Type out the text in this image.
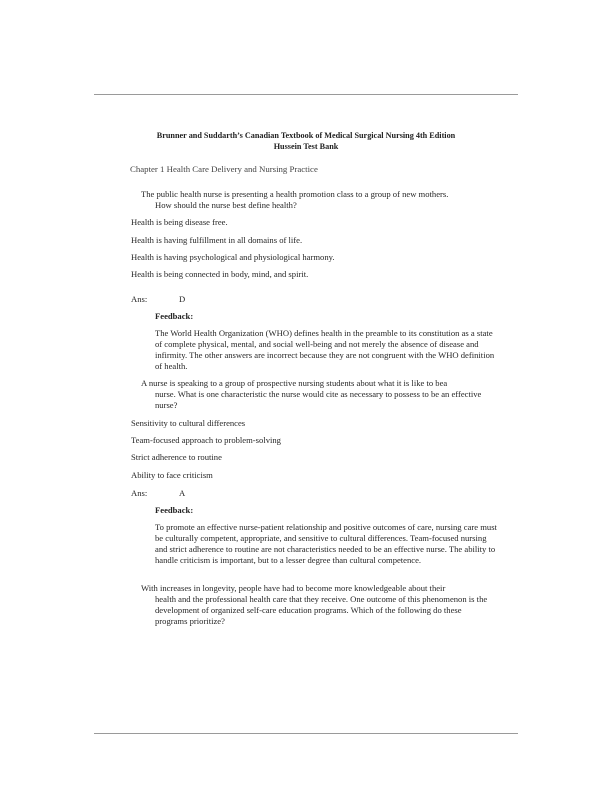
Brunner and Suddarth’s Canadian Textbook of Medical Surgical Nursing 4th Edition
Hussein Test Bank
Chapter 1 Health Care Delivery and Nursing Practice
The public health nurse is presenting a health promotion class to a group of new mothers.
How should the nurse best define health?
Health is being disease free.
Health is having fulfillment in all domains of life.
Health is having psychological and physiological harmony.
Health is being connected in body, mind, and spirit.
Ans:	D
Feedback:
The World Health Organization (WHO) defines health in the preamble to its constitution as a state of complete physical, mental, and social well-being and not merely the absence of disease and infirmity. The other answers are incorrect because they are not congruent with the WHO definition of health.
A nurse is speaking to a group of prospective nursing students about what it is like to bea
nurse. What is one characteristic the nurse would cite as necessary to possess to be an effective nurse?
Sensitivity to cultural differences
Team-focused approach to problem-solving
Strict adherence to routine
Ability to face criticism
Ans:	A
Feedback:
To promote an effective nurse-patient relationship and positive outcomes of care, nursing care must be culturally competent, appropriate, and sensitive to cultural differences. Team-focused nursing and strict adherence to routine are not characteristics needed to be an effective nurse. The ability to handle criticism is important, but to a lesser degree than cultural competence.
With increases in longevity, people have had to become more knowledgeable about their
health and the professional health care that they receive. One outcome of this phenomenon is the development of organized self-care education programs. Which of the following do these programs prioritize?
